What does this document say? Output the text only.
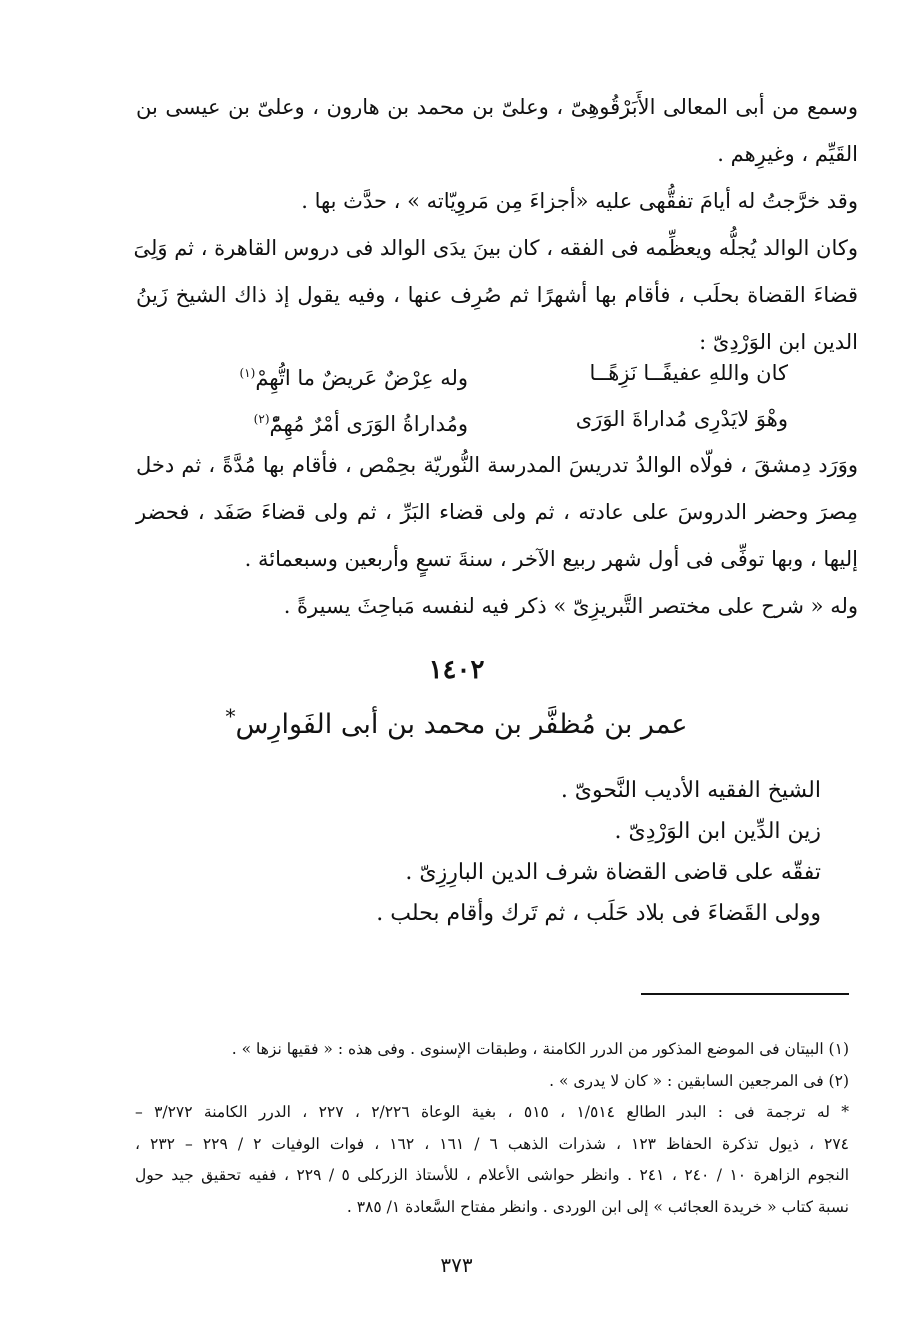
وسمع من أبى المعالى الأَبَرْقُوهِىّ ، وعلىّ بن محمد بن هارون ، وعلىّ بن عيسى بن
القَيِّم ، وغيرِهم .
وقد خرَّجتُ له أيامَ تفقُّهى عليه «أجزاءَ مِن مَروِيّاته » ، حدَّث بها .
وكان الوالد يُجلُّه ويعظِّمه فى الفقه ، كان بينَ يدَى الوالد فى دروس القاهرة ، ثم وَلِىَ
قضاءَ القضاة بحلَب ، فأقام بها أشهرًا ثم صُرِف عنها ، وفيه يقول إذ ذاك الشيخ زَينُ
الدين ابن الوَرْدِىّ :
كان واللهِ عفيفًــا نَزِهًــا
وله عِرْضٌ عَريضٌ ما اتُّهِمْ$^{(١)}$
وهْوَ لايَدْرِى مُداراةَ الوَرَى
ومُداراةُ الوَرَى أمْرٌ مُهِمّْ$^{(٢)}$
ووَرَد دِمشقَ ، فولّاه الوالدُ تدريسَ المدرسة النُّوريّة بحِمْص ، فأقام بها مُدَّةً ، ثم دخل
مِصرَ وحضر الدروسَ على عادته ، ثم ولى قضاء البَرِّ ، ثم ولى قضاءَ صَفَد ، فحضر
إليها ، وبها توفِّى فى أول شهر ربيع الآخر ، سنةَ تسعٍ وأربعين وسبعمائة .
وله « شرح على مختصر التَّبريزِىّ » ذكر فيه لنفسه مَباحِثَ يسيرةً .
١٤٠٢
عمر بن مُظفَّر بن محمد بن أبى الفَوارِس*
الشيخ الفقيه الأديب النَّحوىّ .
زين الدِّين ابن الوَرْدِىّ .
تفقّه على قاضى القضاة شرف الدين البارِزِىّ .
وولى القَضاءَ فى بلاد حَلَب ، ثم تَرك وأقام بحلب .
(١) البيتان فى الموضع المذكور من الدرر الكامنة ، وطبقات الإسنوى . وفى هذه : « فقيها نزها » .
(٢) فى المرجعين السابقين : « كان لا يدرى » .
* له ترجمة فى : البدر الطالع ١/٥١٤ ، ٥١٥ ، بغية الوعاة ٢/٢٢٦ ، ٢٢٧ ، الدرر الكامنة ٣/٢٧٢ –
٢٧٤ ، ذيول تذكرة الحفاظ ١٢٣ ، شذرات الذهب ٦ / ١٦١ ، ١٦٢ ، فوات الوفيات ٢ / ٢٢٩ – ٢٣٢ ،
النجوم الزاهرة ١٠ / ٢٤٠ ، ٢٤١ . وانظر حواشى الأعلام ، للأستاذ الزركلى ٥ / ٢٢٩ ، ففيه تحقيق جيد حول
نسبة كتاب « خريدة العجائب » إلى ابن الوردى . وانظر مفتاح السَّعادة ١/ ٣٨٥ .
٣٧٣
